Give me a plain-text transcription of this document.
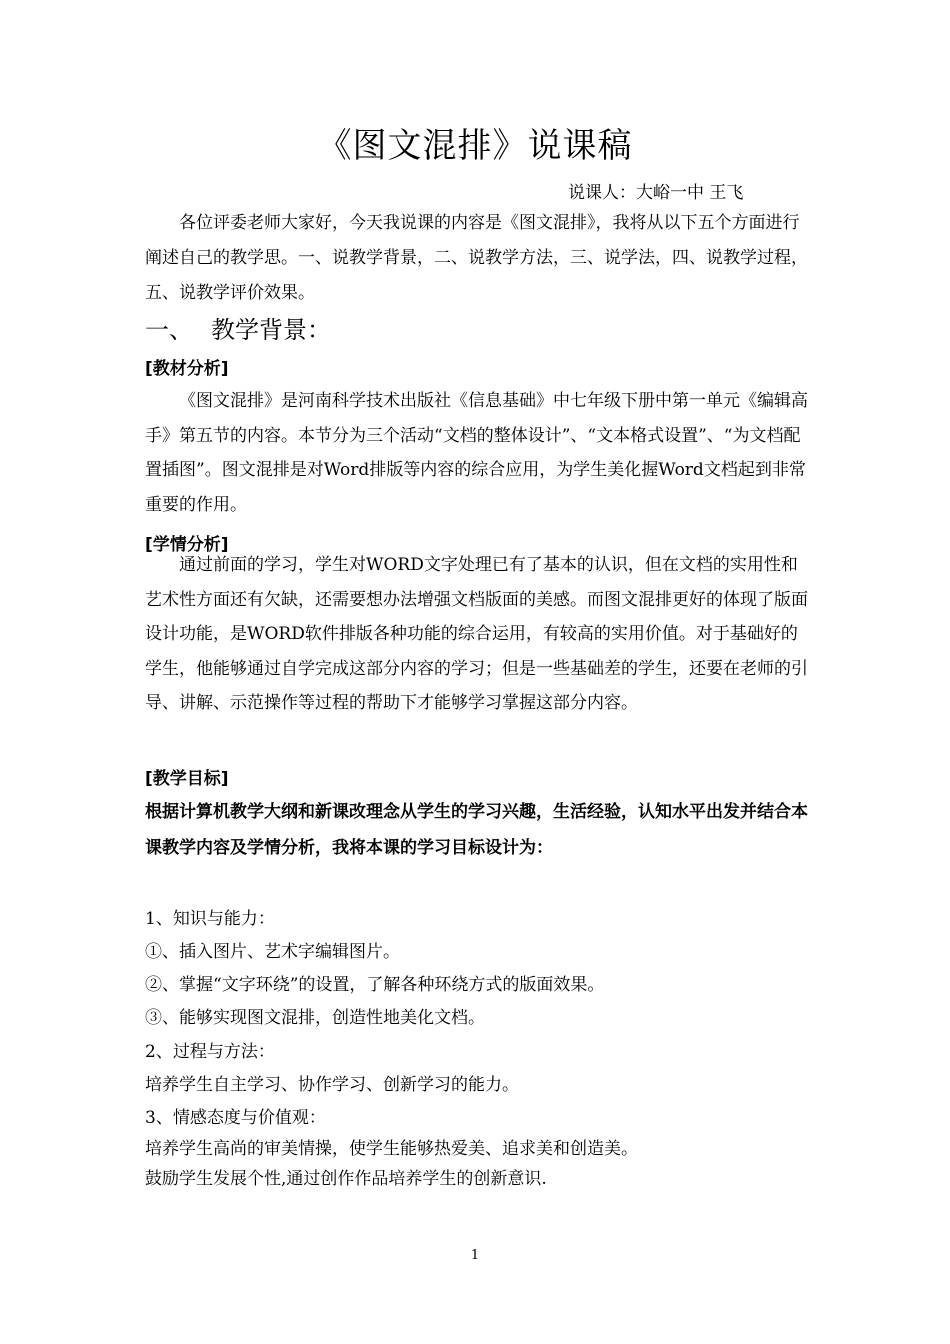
《图文混排》说课稿
说课人：大峪一中 王飞

各位评委老师大家好，今天我说课的内容是《图文混排》，我将从以下五个方面进行阐述自己的教学思。一、说教学背景，二、说教学方法，三、说学法，四、说教学过程，五、说教学评价效果。

一、 教学背景：
[教材分析]

《图文混排》是河南科学技术出版社《信息基础》中七年级下册中第一单元《编辑高手》第五节的内容。本节分为三个活动“文档的整体设计”、“文本格式设置”、“为文档配置插图”。图文混排是对Word排版等内容的综合应用，为学生美化握Word文档起到非常重要的作用。

[学情分析]

通过前面的学习，学生对WORD文字处理已有了基本的认识，但在文档的实用性和艺术性方面还有欠缺，还需要想办法增强文档版面的美感。而图文混排更好的体现了版面设计功能，是WORD软件排版各种功能的综合运用，有较高的实用价值。对于基础好的学生，他能够通过自学完成这部分内容的学习；但是一些基础差的学生，还要在老师的引导、讲解、示范操作等过程的帮助下才能够学习掌握这部分内容。

[教学目标]

根据计算机教学大纲和新课改理念从学生的学习兴趣，生活经验，认知水平出发并结合本课教学内容及学情分析，我将本课的学习目标设计为：

1、知识与能力：
①、插入图片、艺术字编辑图片。
②、掌握“文字环绕”的设置，了解各种环绕方式的版面效果。
③、能够实现图文混排，创造性地美化文档。
2、过程与方法：
培养学生自主学习、协作学习、创新学习的能力。
3、情感态度与价值观：
培养学生高尚的审美情操，使学生能够热爱美、追求美和创造美。
鼓励学生发展个性,通过创作作品培养学生的创新意识.
1
